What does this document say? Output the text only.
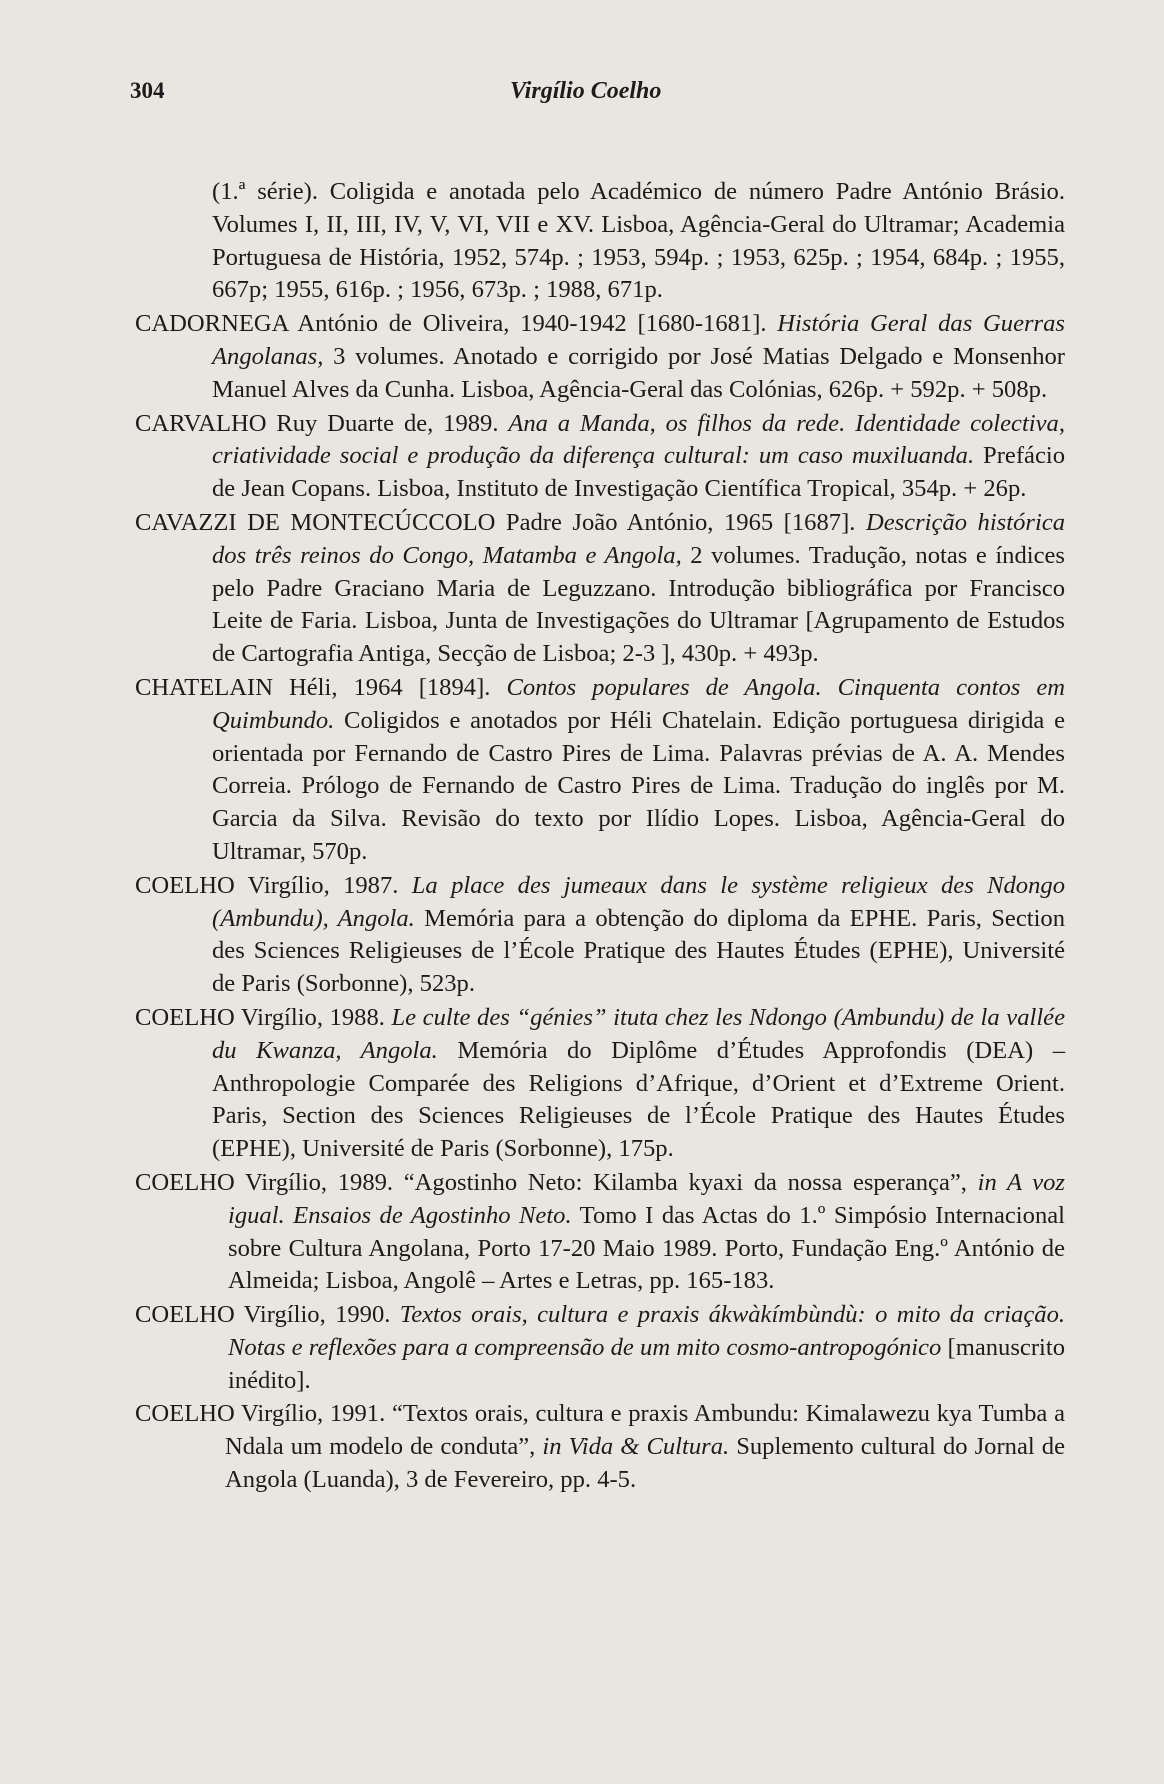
304	Virgílio Coelho

(1.ª série). Coligida e anotada pelo Académico de número Padre António Brásio. Volumes I, II, III, IV, V, VI, VII e XV. Lisboa, Agência-Geral do Ultramar; Academia Portuguesa de História, 1952, 574p. ; 1953, 594p. ; 1953, 625p. ; 1954, 684p. ; 1955, 667p; 1955, 616p. ; 1956, 673p. ; 1988, 671p.

CADORNEGA António de Oliveira, 1940-1942 [1680-1681]. História Geral das Guerras Angolanas, 3 volumes. Anotado e corrigido por José Matias Delgado e Monsenhor Manuel Alves da Cunha. Lisboa, Agência-Geral das Colónias, 626p. + 592p. + 508p.

CARVALHO Ruy Duarte de, 1989. Ana a Manda, os filhos da rede. Identidade colectiva, criatividade social e produção da diferença cultural: um caso muxiluanda. Prefácio de Jean Copans. Lisboa, Instituto de Investigação Científica Tropical, 354p. + 26p.

CAVAZZI DE MONTECÚCCOLO Padre João António, 1965 [1687]. Descrição histórica dos três reinos do Congo, Matamba e Angola, 2 volumes. Tradução, notas e índices pelo Padre Graciano Maria de Leguzzano. Introdução bibliográfica por Francisco Leite de Faria. Lisboa, Junta de Investigações do Ultramar [Agrupamento de Estudos de Cartografia Antiga, Secção de Lisboa; 2-3 ], 430p. + 493p.

CHATELAIN Héli, 1964 [1894]. Contos populares de Angola. Cinquenta contos em Quimbundo. Coligidos e anotados por Héli Chatelain. Edição portuguesa dirigida e orientada por Fernando de Castro Pires de Lima. Palavras prévias de A. A. Mendes Correia. Prólogo de Fernando de Castro Pires de Lima. Tradução do inglês por M. Garcia da Silva. Revisão do texto por Ilídio Lopes. Lisboa, Agência-Geral do Ultramar, 570p.

COELHO Virgílio, 1987. La place des jumeaux dans le système religieux des Ndongo (Ambundu), Angola. Memória para a obtenção do diploma da EPHE. Paris, Section des Sciences Religieuses de l’École Pratique des Hautes Études (EPHE), Université de Paris (Sorbonne), 523p.

COELHO Virgílio, 1988. Le culte des “génies” ituta chez les Ndongo (Ambundu) de la vallée du Kwanza, Angola. Memória do Diplôme d’Études Approfondis (DEA) – Anthropologie Comparée des Religions d’Afrique, d’Orient et d’Extreme Orient. Paris, Section des Sciences Religieuses de l’École Pratique des Hautes Études (EPHE), Université de Paris (Sorbonne), 175p.

COELHO Virgílio, 1989. “Agostinho Neto: Kilamba kyaxi da nossa esperança”, in A voz igual. Ensaios de Agostinho Neto. Tomo I das Actas do 1.º Simpósio Internacional sobre Cultura Angolana, Porto 17-20 Maio 1989. Porto, Fundação Eng.º António de Almeida; Lisboa, Angolê – Artes e Letras, pp. 165-183.

COELHO Virgílio, 1990. Textos orais, cultura e praxis ákwàkímbùndù: o mito da criação. Notas e reflexões para a compreensão de um mito cosmo-antropogónico [manuscrito inédito].

COELHO Virgílio, 1991. “Textos orais, cultura e praxis Ambundu: Kimalawezu kya Tumba a Ndala um modelo de conduta”, in Vida & Cultura. Suplemento cultural do Jornal de Angola (Luanda), 3 de Fevereiro, pp. 4-5.
